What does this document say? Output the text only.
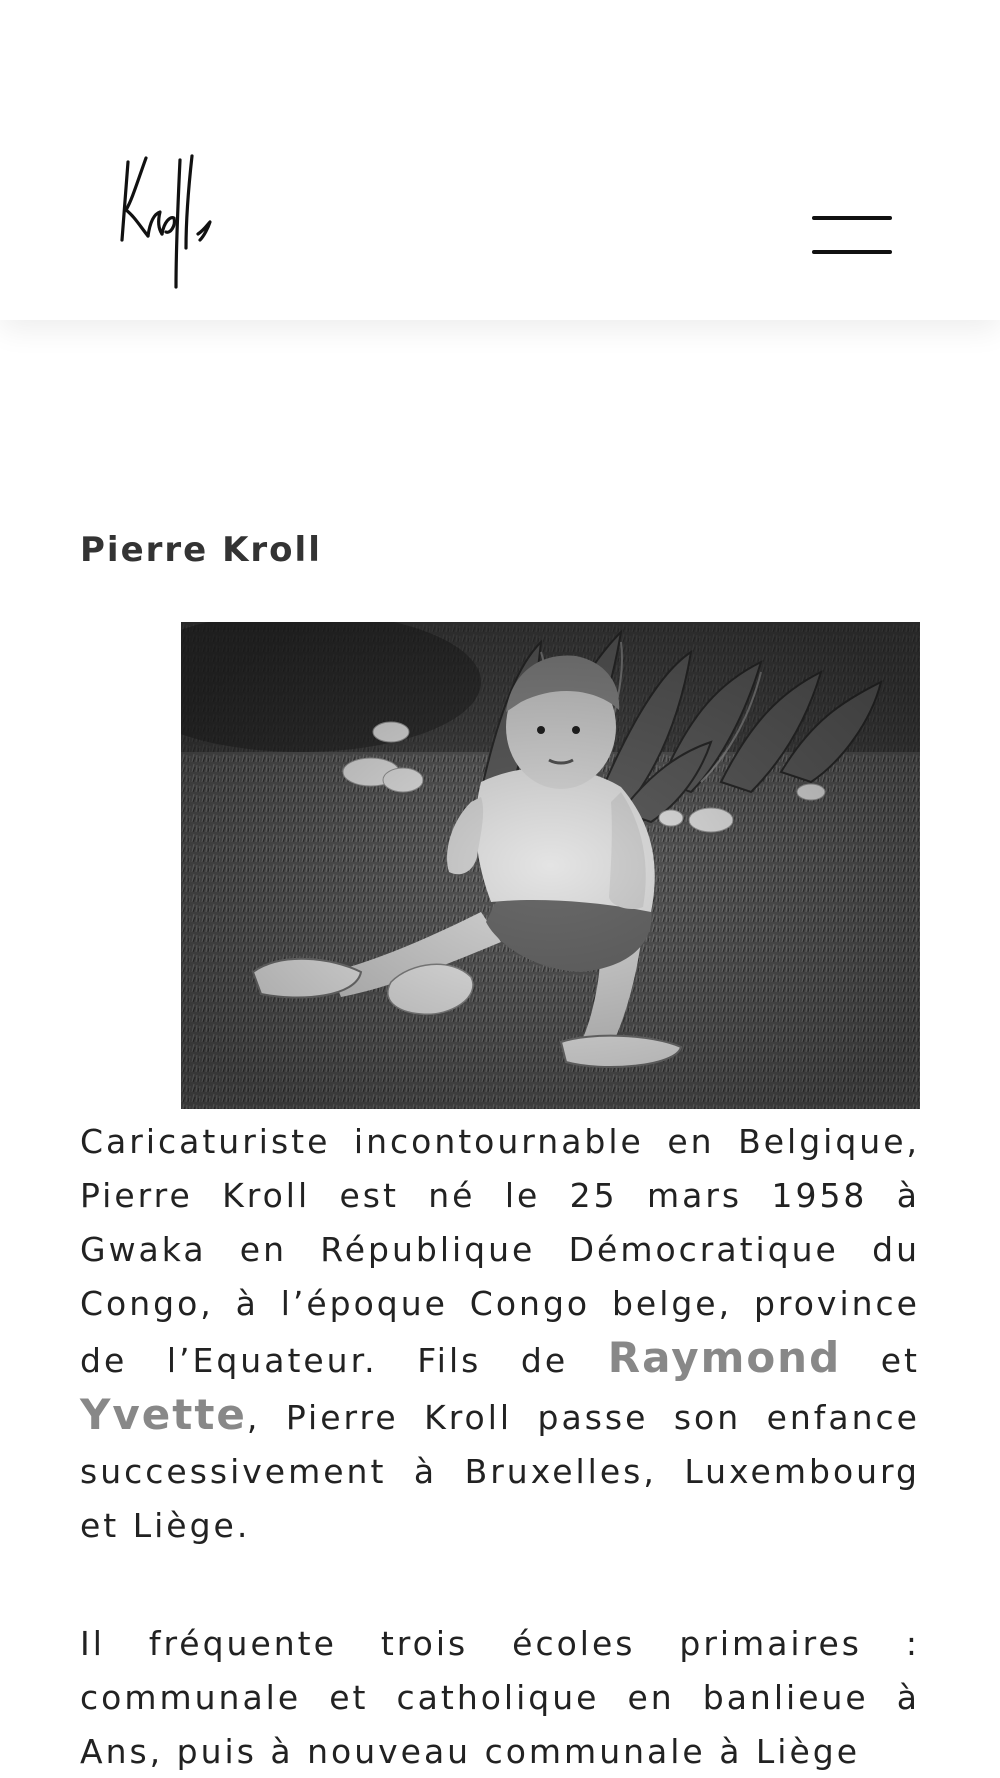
Pierre Kroll

Caricaturiste incontournable en Belgique, Pierre Kroll est né le 25 mars 1958 à Gwaka en République Démocratique du Congo, à l’époque Congo belge, province de l’Equateur. Fils de Raymond et Yvette, Pierre Kroll passe son enfance successivement à Bruxelles, Luxembourg et Liège.

Il fréquente trois écoles primaires : communale et catholique en banlieue à Ans, puis à nouveau communale à Liège
